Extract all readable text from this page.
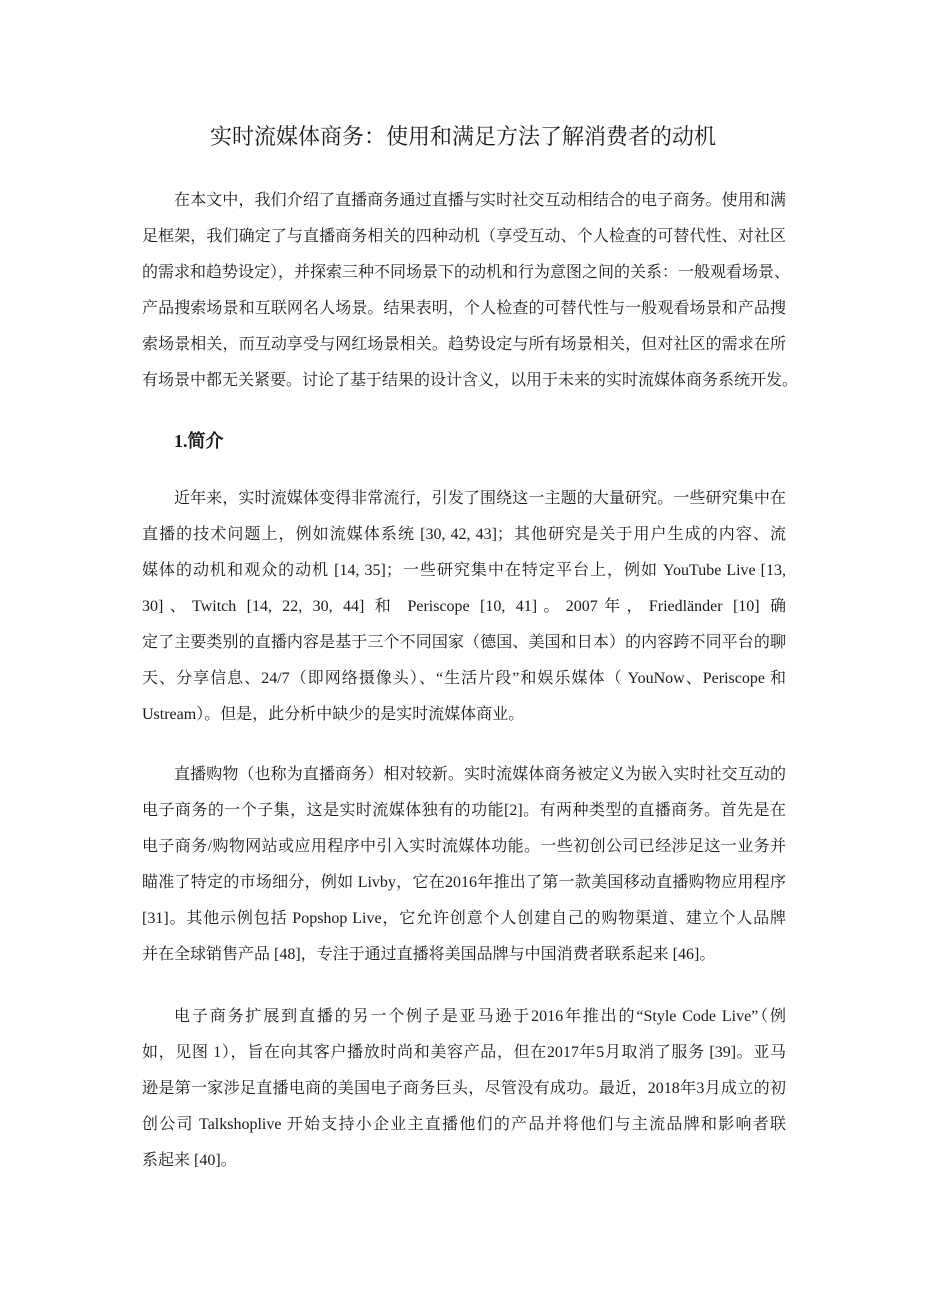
实时流媒体商务：使用和满足方法了解消费者的动机
在本文中，我们介绍了直播商务通过直播与实时社交互动相结合的电子商务。使用和满
足框架，我们确定了与直播商务相关的四种动机（享受互动、个人检查的可替代性、对社区
的需求和趋势设定），并探索三种不同场景下的动机和行为意图之间的关系：一般观看场景、
产品搜索场景和互联网名人场景。结果表明，个人检查的可替代性与一般观看场景和产品搜
索场景相关，而互动享受与网红场景相关。趋势设定与所有场景相关，但对社区的需求在所
有场景中都无关紧要。讨论了基于结果的设计含义，以用于未来的实时流媒体商务系统开发。
1.简介
近年来，实时流媒体变得非常流行，引发了围绕这一主题的大量研究。一些研究集中在
直播的技术问题上，例如流媒体系统 [30, 42, 43]；其他研究是关于用户生成的内容、流
媒体的动机和观众的动机 [14, 35]；一些研究集中在特定平台上，例如 YouTube Live [13,
30]、Twitch [14, 22, 30, 44] 和 Periscope [10, 41]。2007年，Friedländer [10] 确
定了主要类别的直播内容是基于三个不同国家（德国、美国和日本）的内容跨不同平台的聊
天、分享信息、24/7（即网络摄像头）、“生活片段”和娱乐媒体（ YouNow、Periscope 和
Ustream）。但是，此分析中缺少的是实时流媒体商业。
直播购物（也称为直播商务）相对较新。实时流媒体商务被定义为嵌入实时社交互动的
电子商务的一个子集，这是实时流媒体独有的功能[2]。有两种类型的直播商务。首先是在
电子商务/购物网站或应用程序中引入实时流媒体功能。一些初创公司已经涉足这一业务并
瞄准了特定的市场细分，例如 Livby，它在2016年推出了第一款美国移动直播购物应用程序
[31]。其他示例包括 Popshop Live，它允许创意个人创建自己的购物渠道、建立个人品牌
并在全球销售产品 [48]，专注于通过直播将美国品牌与中国消费者联系起来 [46]。
电子商务扩展到直播的另一个例子是亚马逊于2016年推出的“Style Code Live”（例
如，见图 1），旨在向其客户播放时尚和美容产品，但在2017年5月取消了服务 [39]。亚马
逊是第一家涉足直播电商的美国电子商务巨头，尽管没有成功。最近，2018年3月成立的初
创公司 Talkshoplive 开始支持小企业主直播他们的产品并将他们与主流品牌和影响者联
系起来 [40]。
